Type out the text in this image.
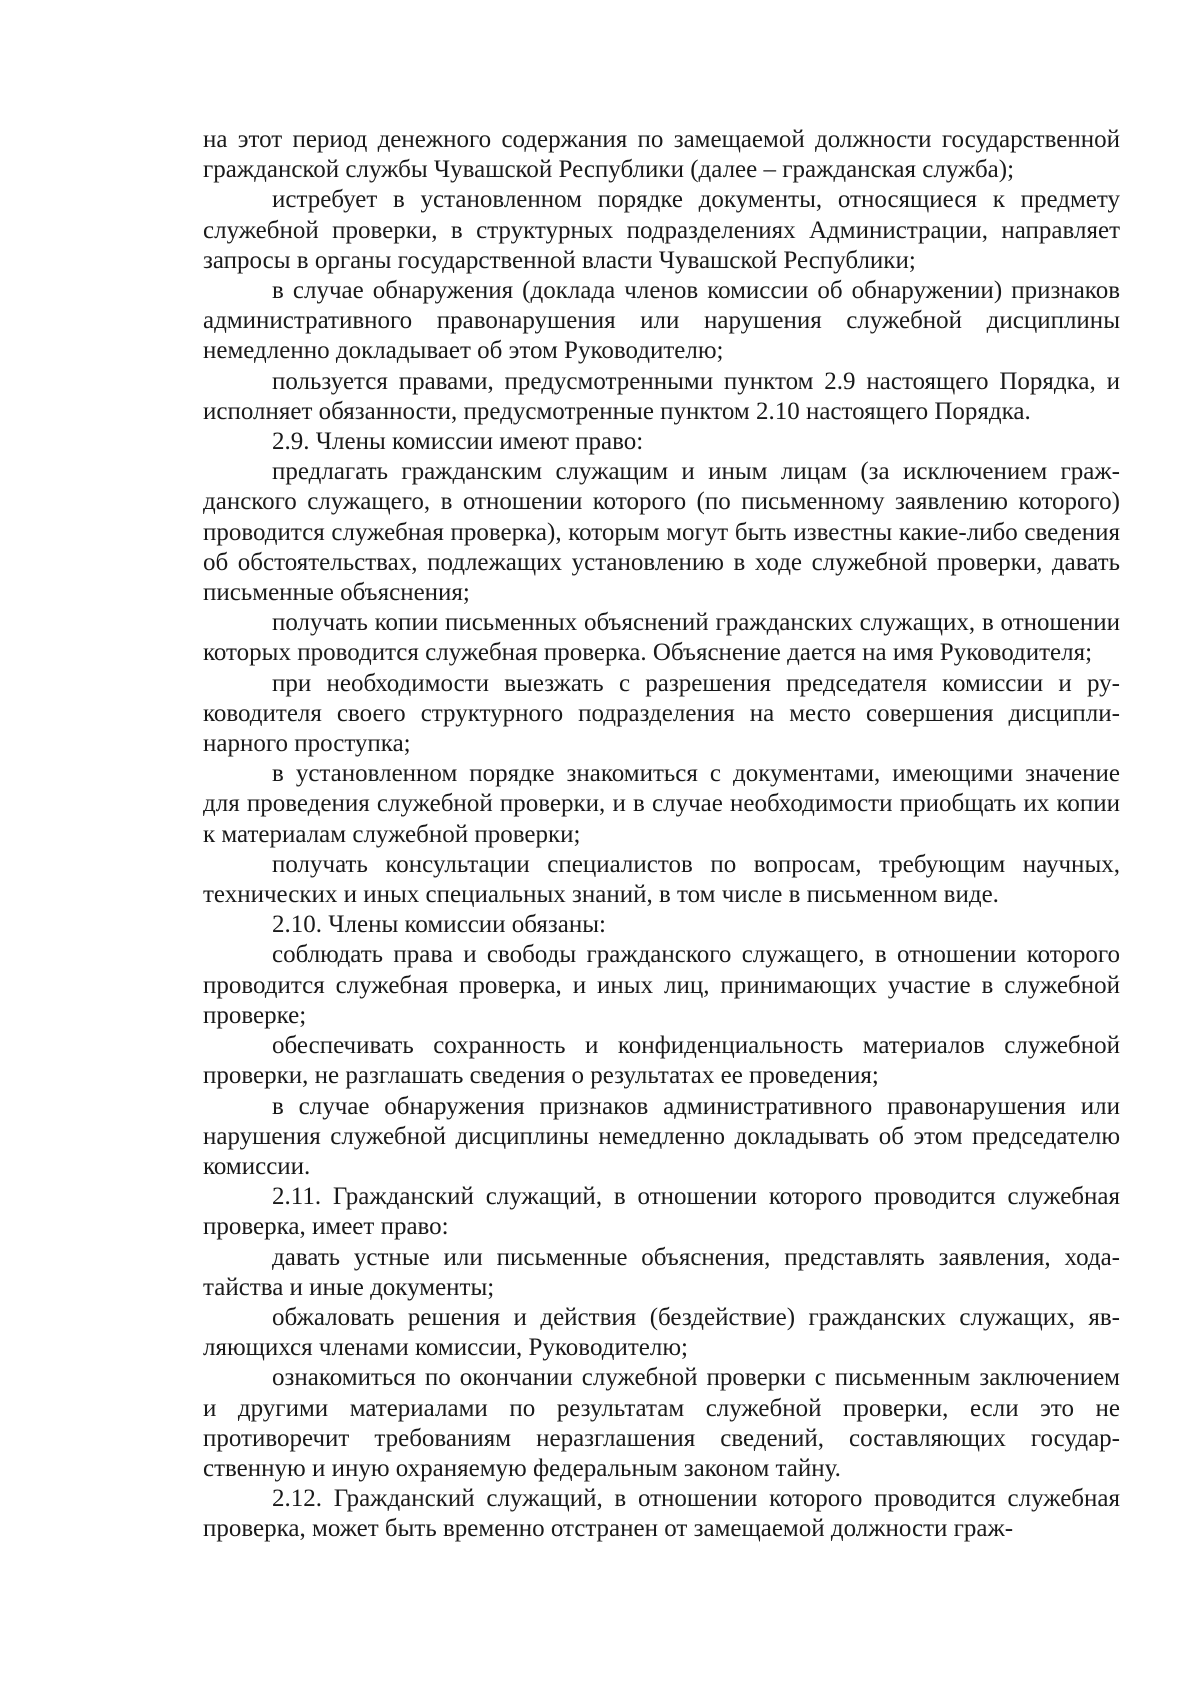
на этот период денежного содержания по замещаемой должности государственной гражданской службы Чувашской Республики (далее – гражданская служба);

истребует в установленном порядке документы, относящиеся к предмету служебной проверки, в структурных подразделениях Администрации, направляет запросы в органы государственной власти Чувашской Республики;

в случае обнаружения (доклада членов комиссии об обнаружении) признаков административного правонарушения или нарушения служебной дисциплины немедленно докладывает об этом Руководителю;

пользуется правами, предусмотренными пунктом 2.9 настоящего Порядка, и исполняет обязанности, предусмотренные пунктом 2.10 настоящего Порядка.

2.9. Члены комиссии имеют право:

предлагать гражданским служащим и иным лицам (за исключением гражданского служащего, в отношении которого (по письменному заявлению которого) проводится служебная проверка), которым могут быть известны какие-либо сведения об обстоятельствах, подлежащих установлению в ходе служебной проверки, давать письменные объяснения;

получать копии письменных объяснений гражданских служащих, в отношении которых проводится служебная проверка. Объяснение дается на имя Руководителя;

при необходимости выезжать с разрешения председателя комиссии и руководителя своего структурного подразделения на место совершения дисциплинарного проступка;

в установленном порядке знакомиться с документами, имеющими значение для проведения служебной проверки, и в случае необходимости приобщать их копии к материалам служебной проверки;

получать консультации специалистов по вопросам, требующим научных, технических и иных специальных знаний, в том числе в письменном виде.

2.10. Члены комиссии обязаны:

соблюдать права и свободы гражданского служащего, в отношении которого проводится служебная проверка, и иных лиц, принимающих участие в служебной проверке;

обеспечивать сохранность и конфиденциальность материалов служебной проверки, не разглашать сведения о результатах ее проведения;

в случае обнаружения признаков административного правонарушения или нарушения служебной дисциплины немедленно докладывать об этом председателю комиссии.

2.11. Гражданский служащий, в отношении которого проводится служебная проверка, имеет право:

давать устные или письменные объяснения, представлять заявления, ходатайства и иные документы;

обжаловать решения и действия (бездействие) гражданских служащих, являющихся членами комиссии, Руководителю;

ознакомиться по окончании служебной проверки с письменным заключением и другими материалами по результатам служебной проверки, если это не противоречит требованиям неразглашения сведений, составляющих государственную и иную охраняемую федеральным законом тайну.

2.12. Гражданский служащий, в отношении которого проводится служебная проверка, может быть временно отстранен от замещаемой должности граж-
